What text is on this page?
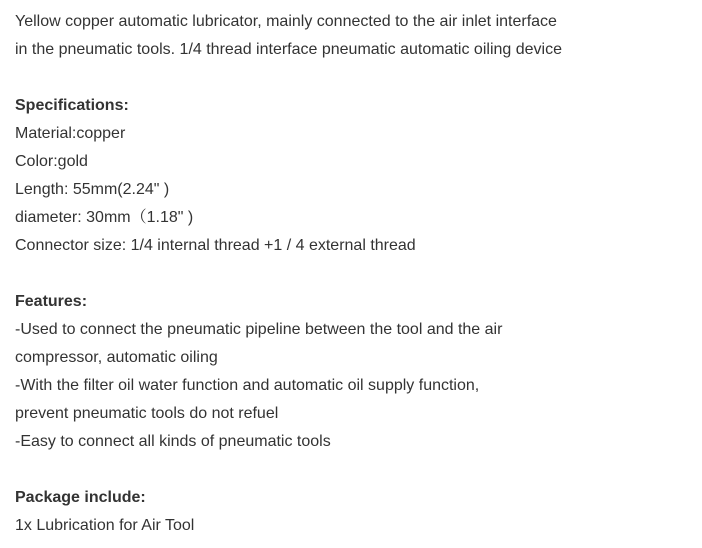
Yellow copper automatic lubricator, mainly connected to the air inlet interface
in the pneumatic tools. 1/4 thread interface pneumatic automatic oiling device
Specifications:
Material:copper
Color:gold
Length: 55mm(2.24" )
diameter: 30mm（1.18" )
Connector size: 1/4 internal thread +1 / 4 external thread
Features:
-Used to connect the pneumatic pipeline between the tool and the air
compressor, automatic oiling
-With the filter oil water function and automatic oil supply function,
prevent pneumatic tools do not refuel
-Easy to connect all kinds of pneumatic tools
Package include:
1x Lubrication for Air Tool
